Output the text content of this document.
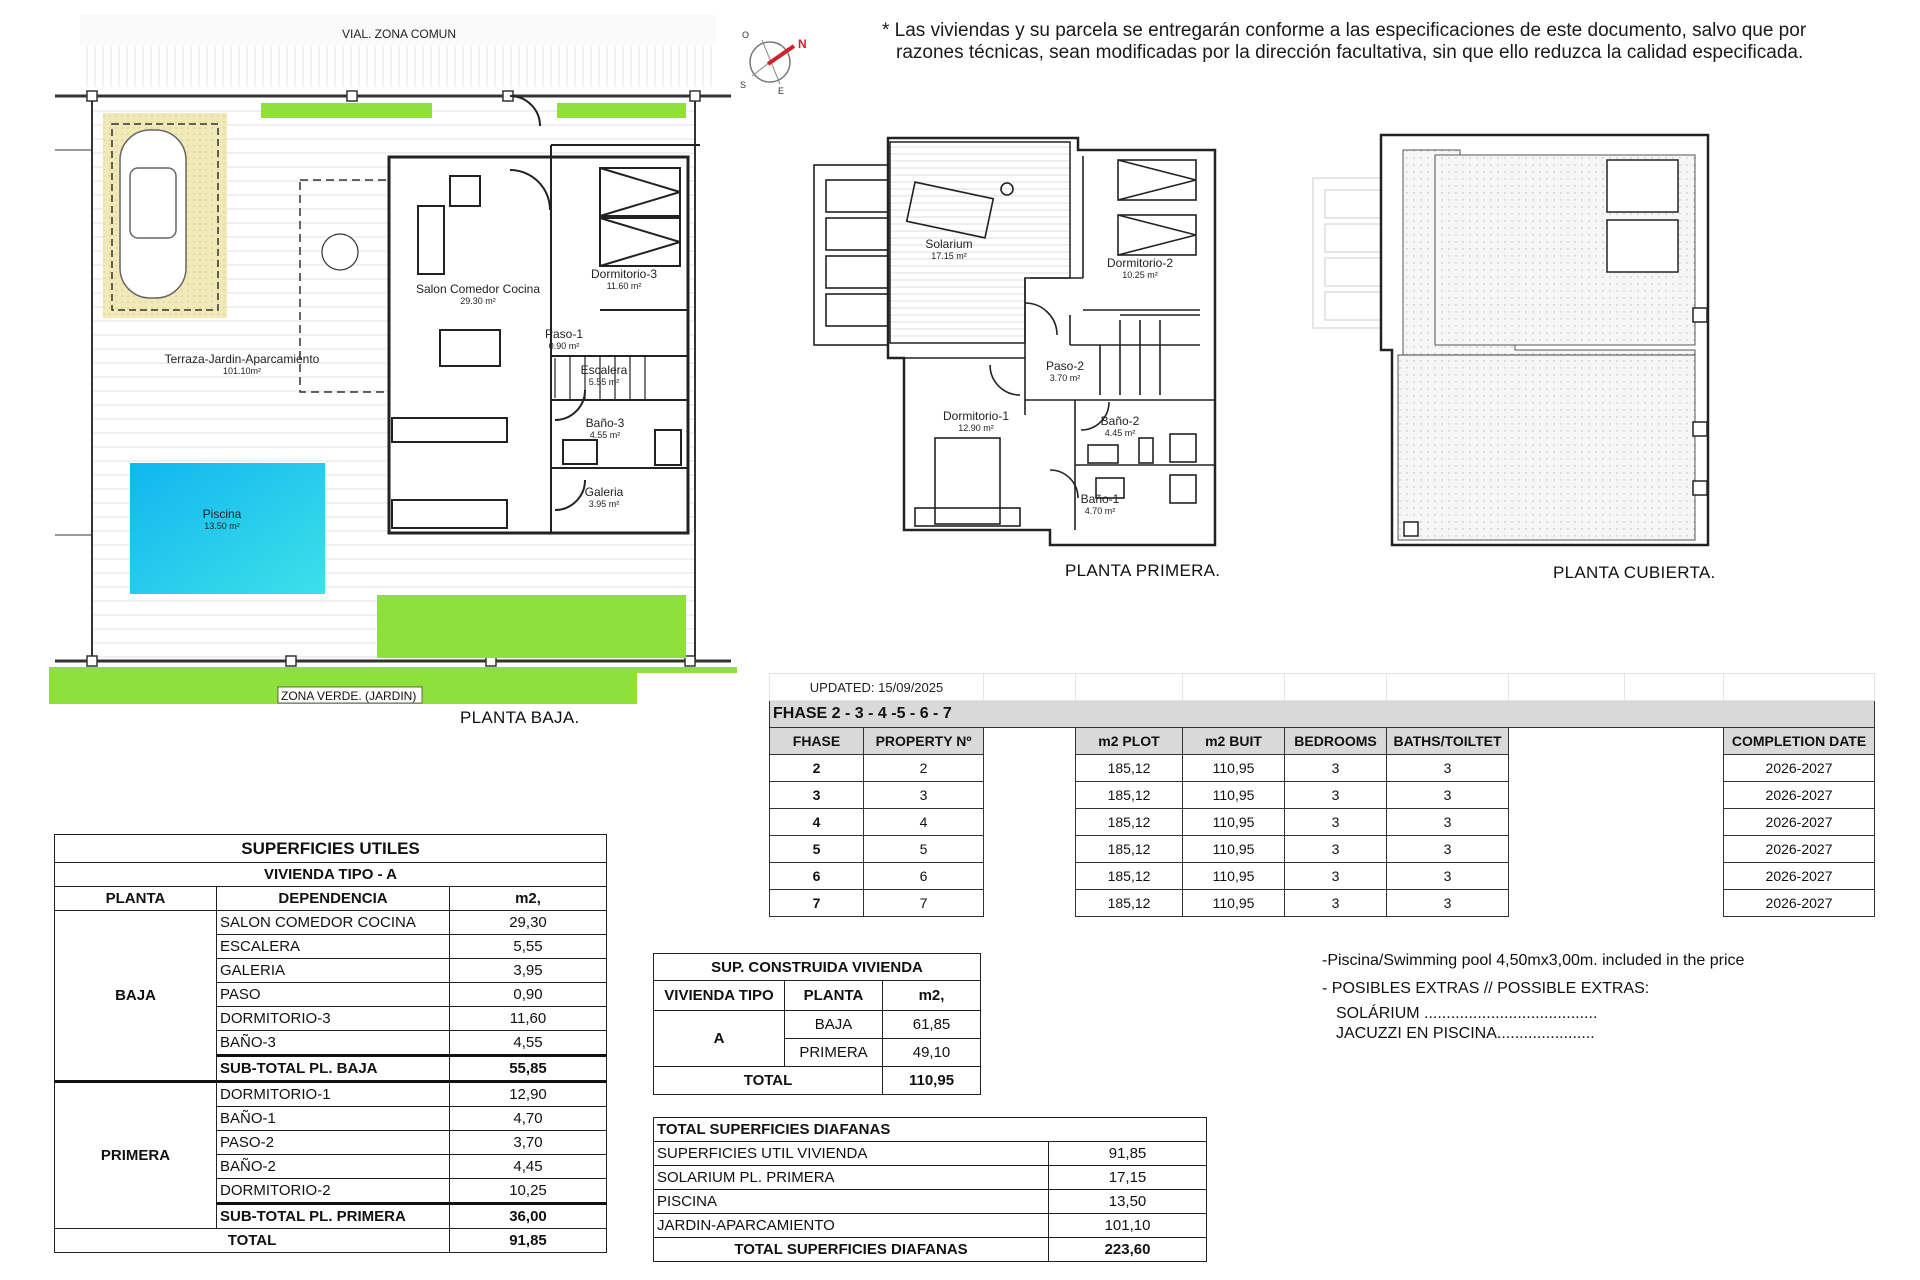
* Las viviendas y su parcela se entregarán conforme a las especificaciones de este documento, salvo que por
razones técnicas, sean modificadas por la dirección facultativa, sin que ello reduzca la calidad especificada.
O
N
S
E
VIAL. ZONA COMUN
ZONA VERDE. (JARDIN)
Terraza-Jardin-Aparcamiento
101.10m²
Salon Comedor Cocina
29.30 m²
Dormitorio-3
11.60 m²
Paso-1
0.90 m²
Escalera
5.55 m²
Baño-3
4.55 m²
Galeria
3.95 m²
Piscina
13.50 m²
PLANTA BAJA.
Solarium
17.15 m²	Dormitorio-2
10.25 m²
Paso-2
3.70 m²
Dormitorio-1
12.90 m²	Baño-2
4.45 m²
Baño-1
4.70 m²
PLANTA PRIMERA.	PLANTA CUBIERTA.
UPDATED: 15/09/2025									
FHASE 2 - 3 - 4 -5 - 6 - 7									
FHASE	PROPERTY Nº		m2 PLOT	m2 BUIT	BEDROOMS	BATHS/TOILTET			COMPLETION DATE
2	2		185,12	110,95	3	3			2026-2027
3	3		185,12	110,95	3	3			2026-2027
4	4		185,12	110,95	3	3			2026-2027
5	5		185,12	110,95	3	3			2026-2027
6	6		185,12	110,95	3	3			2026-2027
7	7		185,12	110,95	3	3			2026-2027
SUPERFICIES UTILES		
VIVIENDA TIPO - A		
PLANTA	DEPENDENCIA	m2,
BAJA	SALON COMEDOR COCINA	29,30
	ESCALERA	5,55
	GALERIA	3,95
	PASO	0,90
	DORMITORIO-3	11,60
	BAÑO-3	4,55
	SUB-TOTAL PL. BAJA	55,85
PRIMERA	DORMITORIO-1	12,90
	BAÑO-1	4,70
	PASO-2	3,70
	BAÑO-2	4,45
	DORMITORIO-2	10,25
	SUB-TOTAL PL. PRIMERA	36,00
TOTAL		91,85
SUP. CONSTRUIDA VIVIENDA		
VIVIENDA TIPO	PLANTA	m2,
A	BAJA	61,85
	PRIMERA	49,10
TOTAL		110,95
TOTAL SUPERFICIES DIAFANAS	
SUPERFICIES UTIL VIVIENDA	91,85
SOLARIUM PL. PRIMERA	17,15
PISCINA	13,50
JARDIN-APARCAMIENTO	101,10
TOTAL SUPERFICIES DIAFANAS	223,60
-Piscina/Swimming pool 4,50mx3,00m. included in the price
- POSIBLES EXTRAS // POSSIBLE EXTRAS:
SOLÁRIUM .......................................
JACUZZI EN PISCINA......................
